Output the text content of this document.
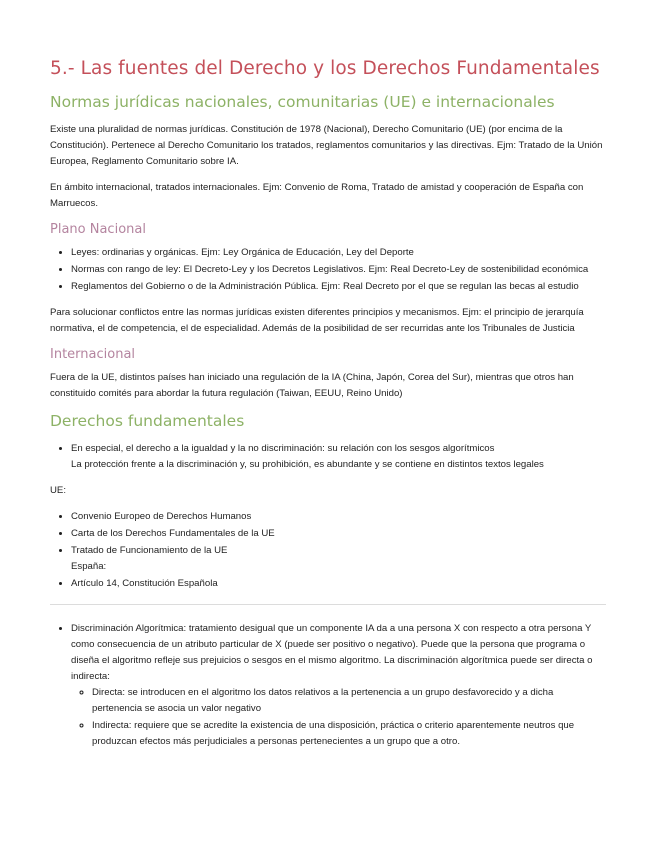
5.- Las fuentes del Derecho y los Derechos Fundamentales
Normas jurídicas nacionales, comunitarias (UE) e internacionales

Existe una pluralidad de normas jurídicas. Constitución de 1978 (Nacional), Derecho Comunitario (UE) (por encima de la Constitución). Pertenece al Derecho Comunitario los tratados, reglamentos comunitarios y las directivas. Ejm: Tratado de la Unión Europea, Reglamento Comunitario sobre IA.

En ámbito internacional, tratados internacionales. Ejm: Convenio de Roma, Tratado de amistad y cooperación de España con Marruecos.

Plano Nacional
• Leyes: ordinarias y orgánicas. Ejm: Ley Orgánica de Educación, Ley del Deporte
• Normas con rango de ley: El Decreto-Ley y los Decretos Legislativos. Ejm: Real Decreto-Ley de sostenibilidad económica
• Reglamentos del Gobierno o de la Administración Pública. Ejm: Real Decreto por el que se regulan las becas al estudio

Para solucionar conflictos entre las normas jurídicas existen diferentes principios y mecanismos. Ejm: el principio de jerarquía normativa, el de competencia, el de especialidad. Además de la posibilidad de ser recurridas ante los Tribunales de Justicia

Internacional

Fuera de la UE, distintos países han iniciado una regulación de la IA (China, Japón, Corea del Sur), mientras que otros han constituido comités para abordar la futura regulación (Taiwan, EEUU, Reino Unido)

Derechos fundamentales
• En especial, el derecho a la igualdad y la no discriminación: su relación con los sesgos algorítmicos
La protección frente a la discriminación y, su prohibición, es abundante y se contiene en distintos textos legales

UE:

• Convenio Europeo de Derechos Humanos
• Carta de los Derechos Fundamentales de la UE
• Tratado de Funcionamiento de la UE
España:
• Artículo 14, Constitución Española
• Discriminación Algorítmica: tratamiento desigual que un componente IA da a una persona X con respecto a otra persona Y como consecuencia de un atributo particular de X (puede ser positivo o negativo). Puede que la persona que programa o diseña el algoritmo refleje sus prejuicios o sesgos en el mismo algoritmo. La discriminación algorítmica puede ser directa o indirecta:
◦ Directa: se introducen en el algoritmo los datos relativos a la pertenencia a un grupo desfavorecido y a dicha pertenencia se asocia un valor negativo
◦ Indirecta: requiere que se acredite la existencia de una disposición, práctica o criterio aparentemente neutros que produzcan efectos más perjudiciales a personas pertenecientes a un grupo que a otro.
